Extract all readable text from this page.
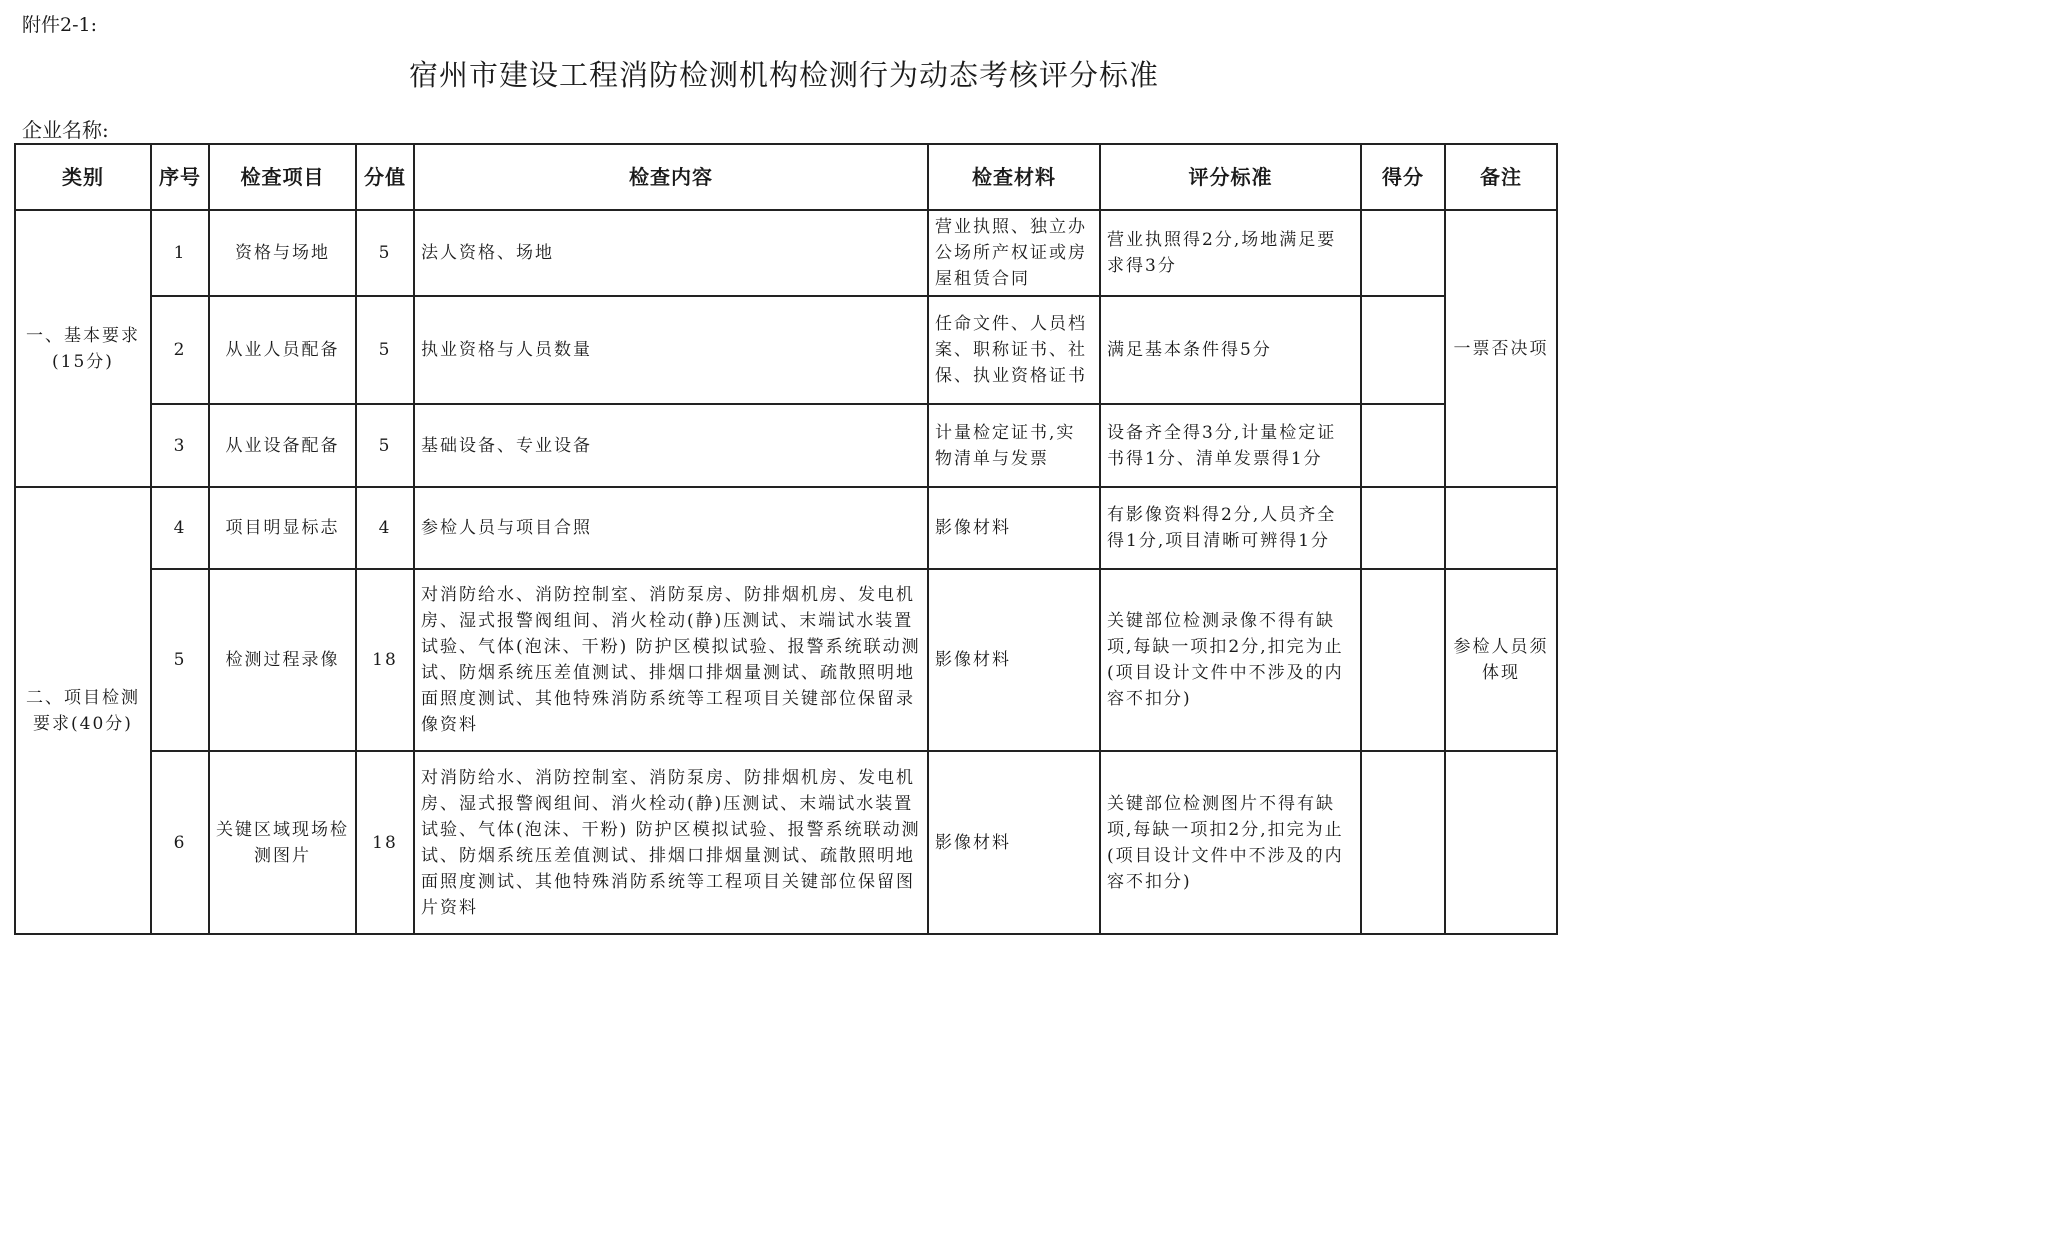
附件2-1:
宿州市建设工程消防检测机构检测行为动态考核评分标准
企业名称:
类别	序号	检查项目	分值	检查内容	检查材料	评分标准	得分	备注
一、基本要求(15分)	1	资格与场地	5	法人资格、场地	营业执照、独立办公场所产权证或房屋租赁合同	营业执照得2分,场地满足要求得3分		一票否决项
	2	从业人员配备	5	执业资格与人员数量	任命文件、人员档案、职称证书、社保、执业资格证书	满足基本条件得5分		
	3	从业设备配备	5	基础设备、专业设备	计量检定证书,实物清单与发票	设备齐全得3分,计量检定证书得1分、清单发票得1分		
二、项目检测要求(40分)	4	项目明显标志	4	参检人员与项目合照	影像材料	有影像资料得2分,人员齐全得1分,项目清晰可辨得1分		
	5	检测过程录像	18	对消防给水、消防控制室、消防泵房、防排烟机房、发电机房、湿式报警阀组间、消火栓动(静)压测试、末端试水装置试验、气体(泡沫、干粉) 防护区模拟试验、报警系统联动测试、防烟系统压差值测试、排烟口排烟量测试、疏散照明地面照度测试、其他特殊消防系统等工程项目关键部位保留录像资料	影像材料	关键部位检测录像不得有缺项,每缺一项扣2分,扣完为止(项目设计文件中不涉及的内容不扣分)		参检人员须体现
	6	关键区域现场检测图片	18	对消防给水、消防控制室、消防泵房、防排烟机房、发电机房、湿式报警阀组间、消火栓动(静)压测试、末端试水装置试验、气体(泡沫、干粉) 防护区模拟试验、报警系统联动测试、防烟系统压差值测试、排烟口排烟量测试、疏散照明地面照度测试、其他特殊消防系统等工程项目关键部位保留图片资料	影像材料	关键部位检测图片不得有缺项,每缺一项扣2分,扣完为止(项目设计文件中不涉及的内容不扣分)		
